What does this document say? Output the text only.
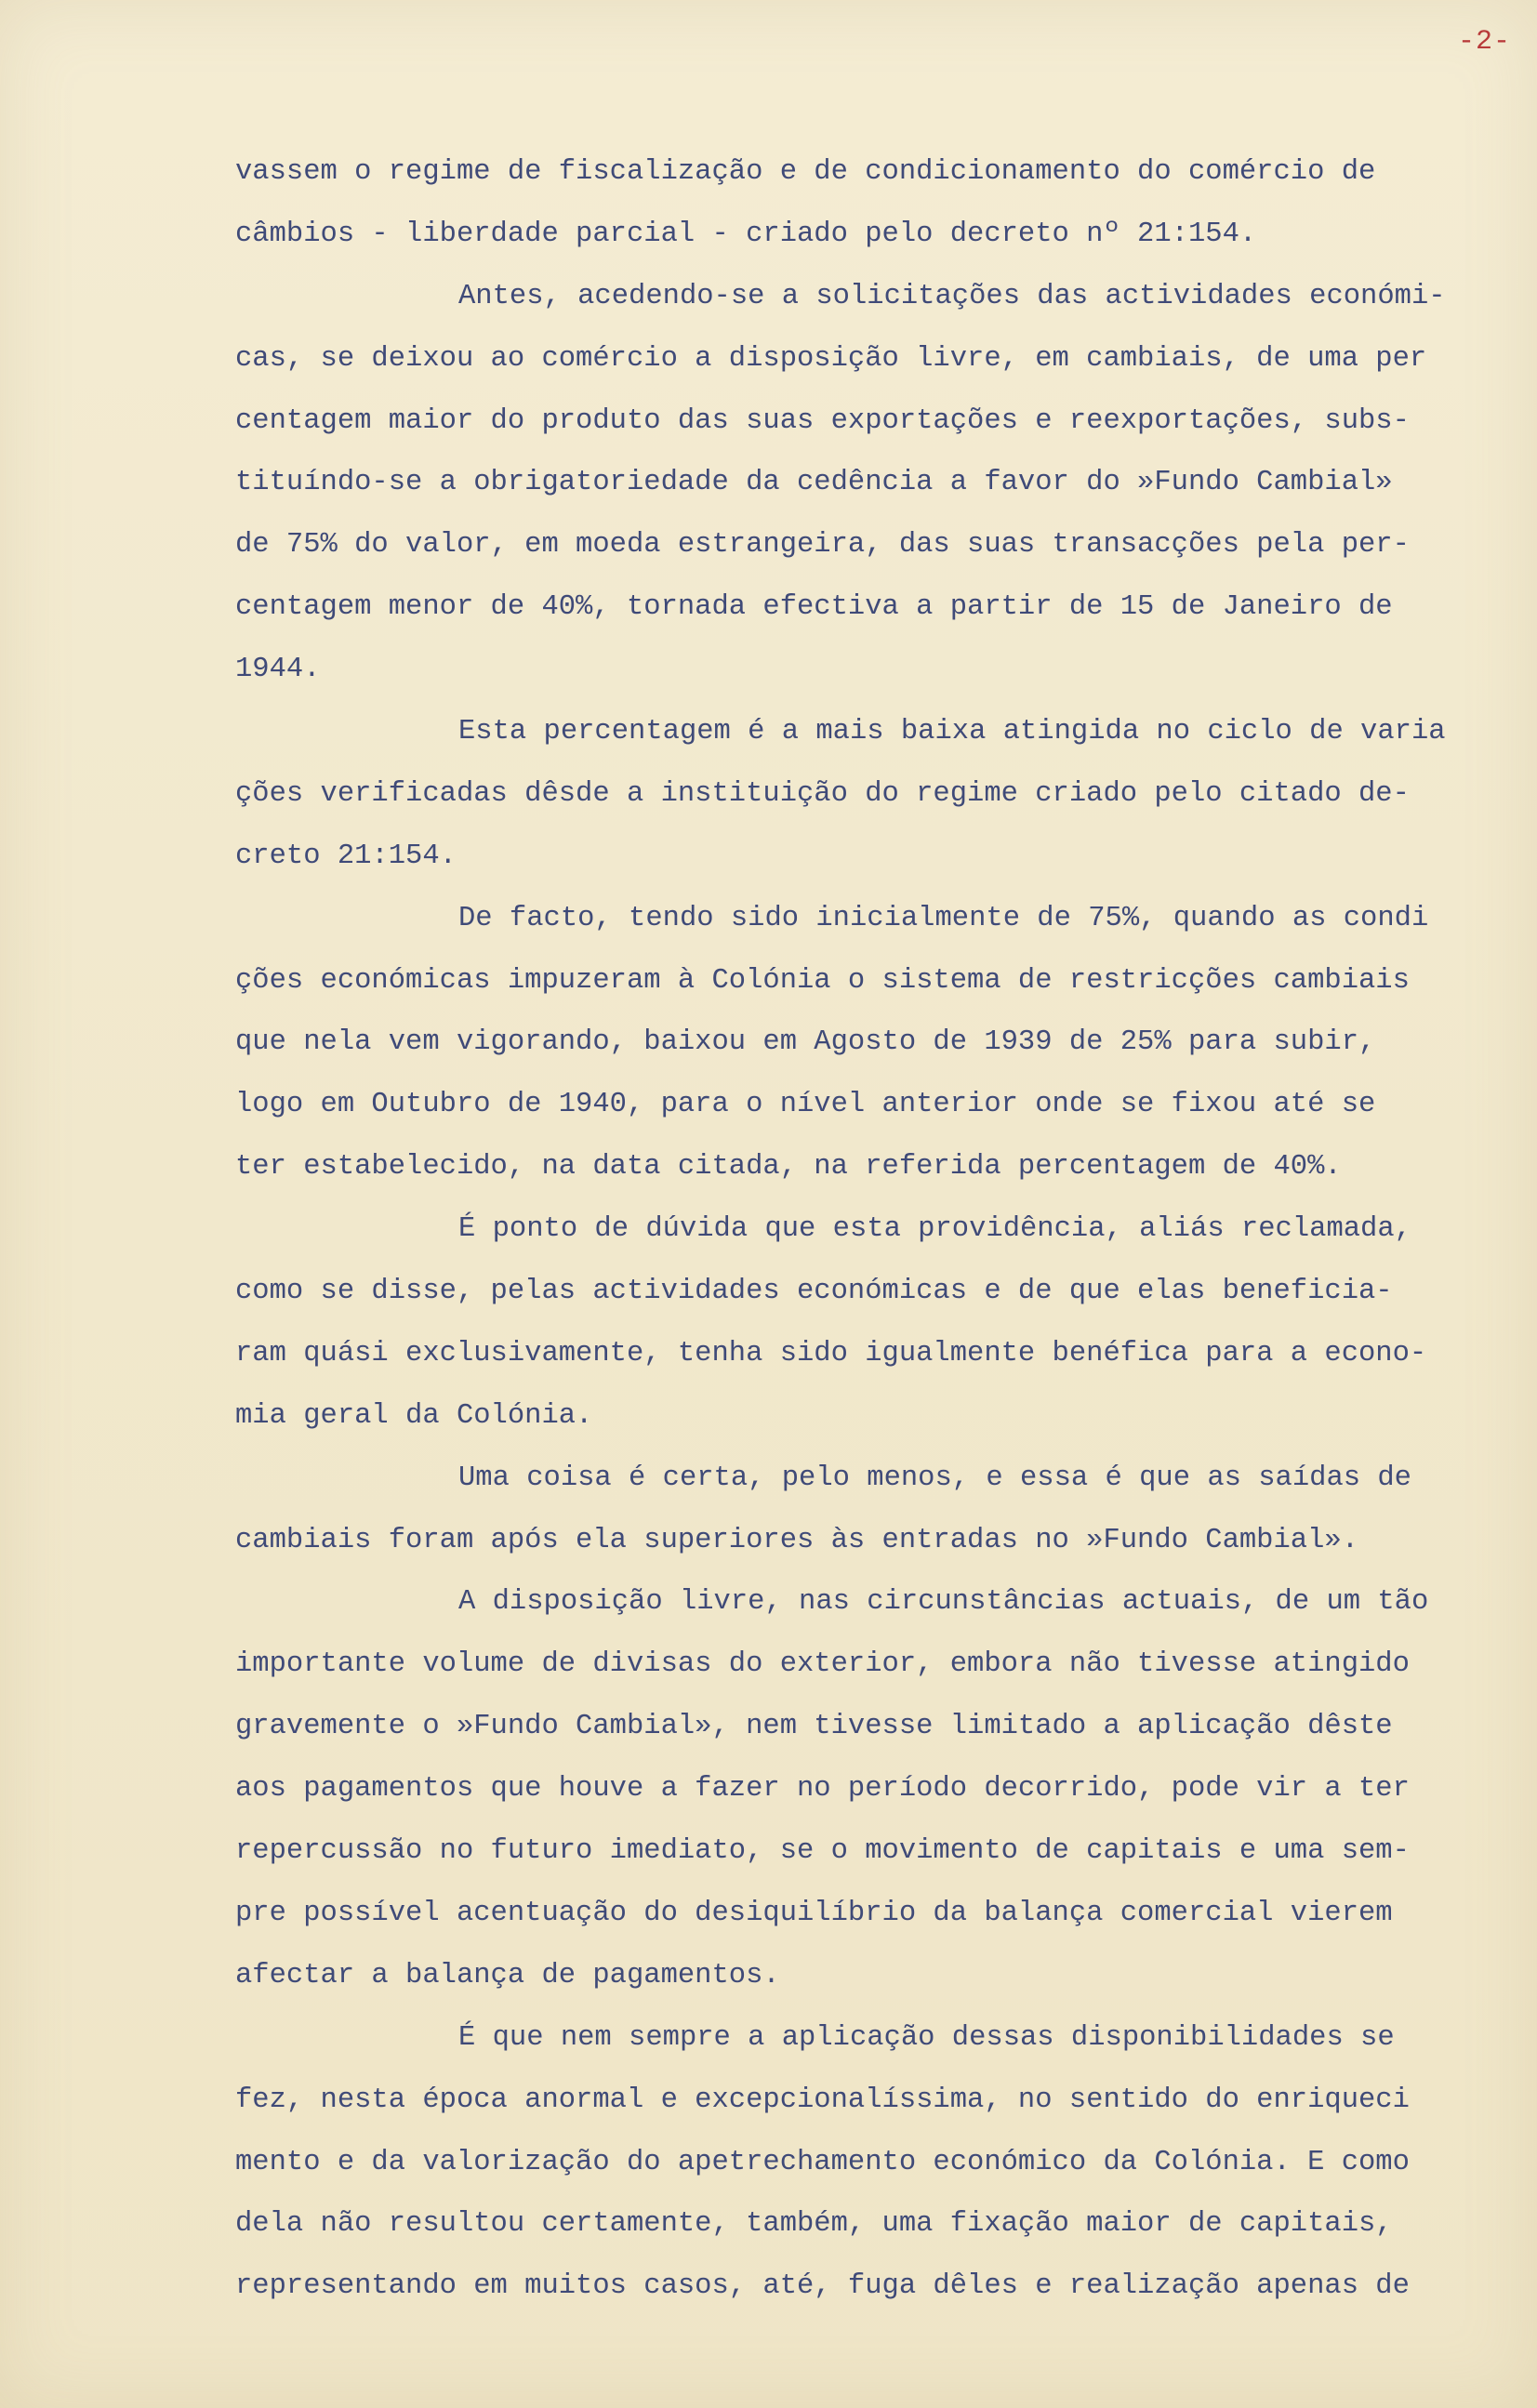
-2-
vassem o regime de fiscalização e de condicionamento do comércio de
câmbios - liberdade parcial - criado pelo decreto nº 21:154.
Antes, acedendo-se a solicitações das actividades económi-
cas, se deixou ao comércio a disposição livre, em cambiais, de uma per
centagem maior do produto das suas exportações e reexportações, subs-
tituíndo-se a obrigatoriedade da cedência a favor do »Fundo Cambial»
de 75% do valor, em moeda estrangeira, das suas transacções pela per-
centagem menor de 40%, tornada efectiva a partir de 15 de Janeiro de
1944.
Esta percentagem é a mais baixa atingida no ciclo de varia
ções verificadas dêsde a instituição do regime criado pelo citado de-
creto 21:154.
De facto, tendo sido inicialmente de 75%, quando as condi
ções económicas impuzeram à Colónia o sistema de restricções cambiais
que nela vem vigorando, baixou em Agosto de 1939 de 25% para subir,
logo em Outubro de 1940, para o nível anterior onde se fixou até se
ter estabelecido, na data citada, na referida percentagem de 40%.
É ponto de dúvida que esta providência, aliás reclamada,
como se disse, pelas actividades económicas e de que elas beneficia-
ram quási exclusivamente, tenha sido igualmente benéfica para a econo-
mia geral da Colónia.
Uma coisa é certa, pelo menos, e essa é que as saídas de
cambiais foram após ela superiores às entradas no »Fundo Cambial».
A disposição livre, nas circunstâncias actuais, de um tão
importante volume de divisas do exterior, embora não tivesse atingido
gravemente o »Fundo Cambial», nem tivesse limitado a aplicação dêste
aos pagamentos que houve a fazer no período decorrido, pode vir a ter
repercussão no futuro imediato, se o movimento de capitais e uma sem-
pre possível acentuação do desiquilíbrio da balança comercial vierem
afectar a balança de pagamentos.
É que nem sempre a aplicação dessas disponibilidades se
fez, nesta época anormal e excepcionalíssima, no sentido do enriqueci
mento e da valorização do apetrechamento económico da Colónia. E como
dela não resultou certamente, também, uma fixação maior de capitais,
representando em muitos casos, até, fuga dêles e realização apenas de
